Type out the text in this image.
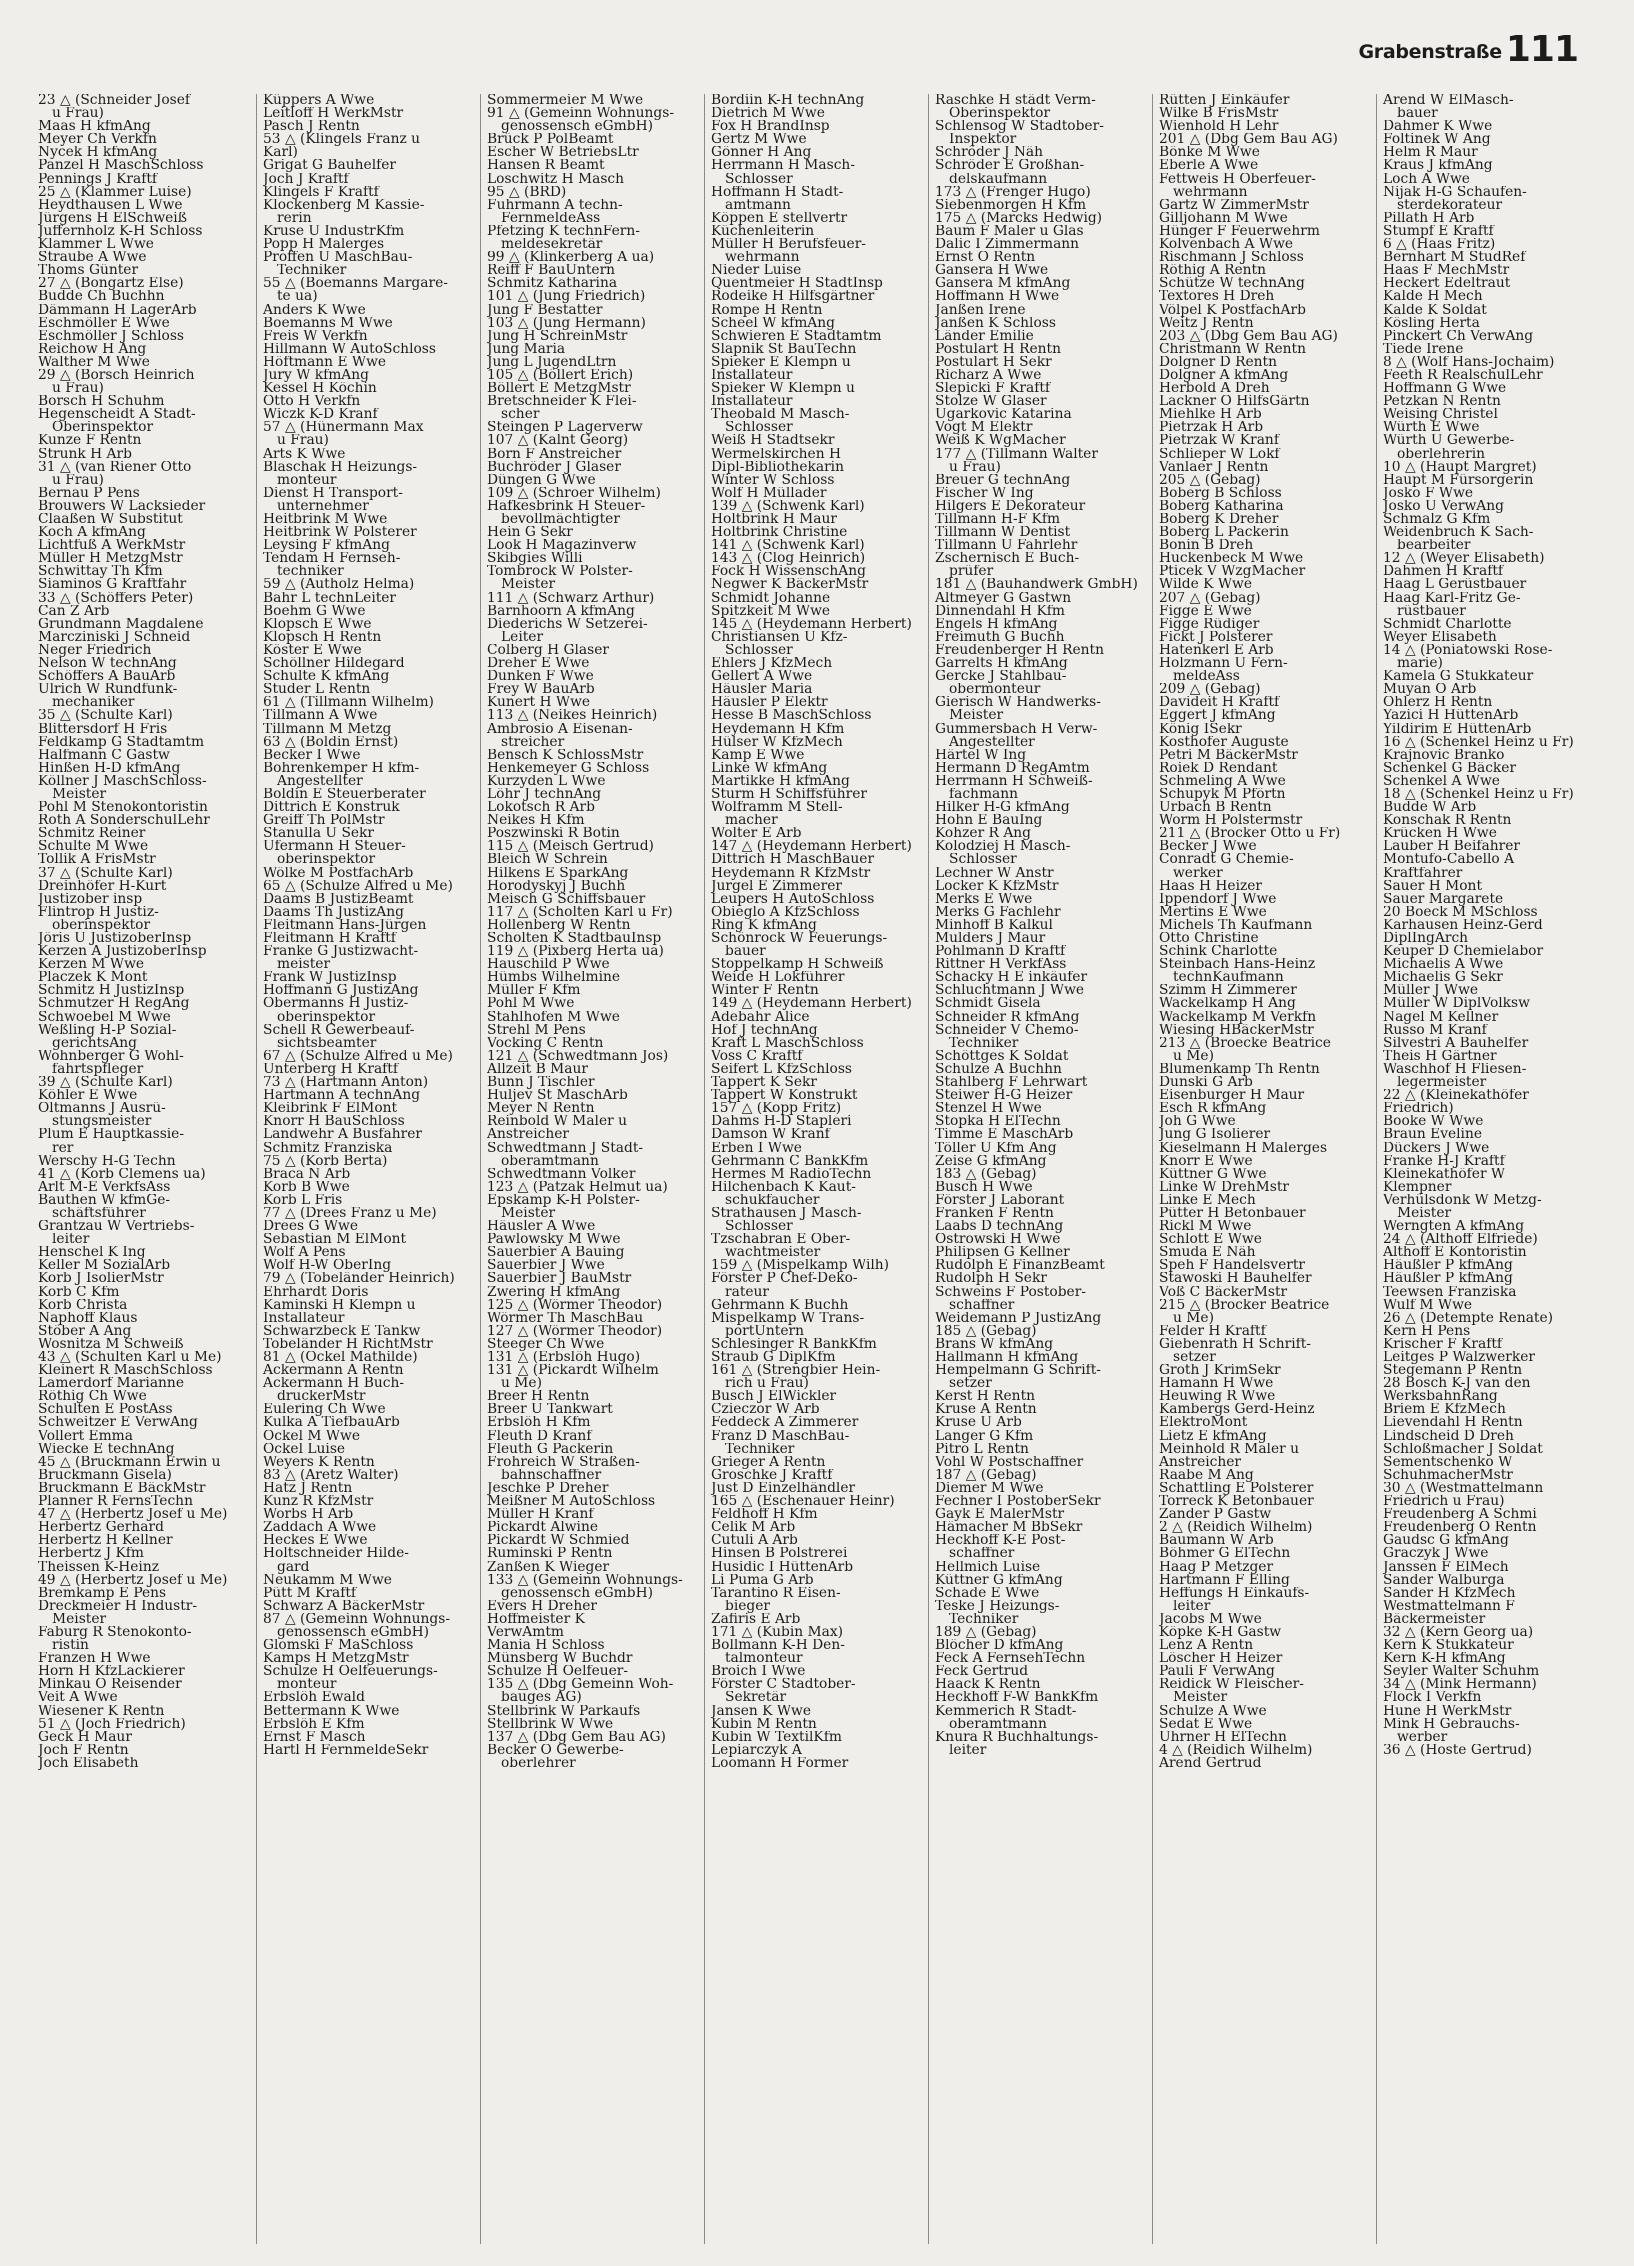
Grabenstraße 111
23 △ (Schneider Josef
u Frau)
Maas H kfmAng
Meyer Ch Verkfn
Nycek H kfmAng
Panzel H MaschSchloss
Pennings J Kraftf
25 △ (Klammer Luise)
Heydthausen L Wwe
Jürgens H ElSchweiß
Juffernholz K-H Schloss
Klammer L Wwe
Straube A Wwe
Thoms Günter
27 △ (Bongartz Else)
Budde Ch Buchhn
Dämmann H LagerArb
Eschmöller E Wwe
Eschmöller J Schloss
Reichow H Ang
Walther M Wwe
29 △ (Borsch Heinrich
u Frau)
Borsch H Schuhm
Hegenscheidt A Stadt-
Oberinspektor
Kunze F Rentn
Strunk H Arb
31 △ (van Riener Otto
u Frau)
Bernau P Pens
Brouwers W Lacksieder
Claaßen W Substitut
Koch A kfmAng
Lichtfuß A WerkMstr
Müller H MetzgMstr
Schwittay Th Kfm
Siaminos G Kraftfahr
33 △ (Schöffers Peter)
Can Z Arb
Grundmann Magdalene
Marcziniski J Schneid
Neger Friedrich
Nelson W technAng
Schöffers A BauArb
Ulrich W Rundfunk-
mechaniker
35 △ (Schulte Karl)
Blittersdorf H Fris
Feldkamp G Stadtamtm
Halfmann C Gastw
Hinßen H-D kfmAng
Köllner J MaschSchloss-
Meister
Pohl M Stenokontoristin
Roth A SonderschulLehr
Schmitz Reiner
Schulte M Wwe
Tollik A FrisMstr
37 △ (Schulte Karl)
Dreinhöfer H-Kurt
Justizober insp
Flintrop H Justiz-
oberinspektor
Jöris U JustizoberInsp
Kerzen A JustizoberInsp
Kerzen M Wwe
Placzek K Mont
Schmitz H JustizInsp
Schmutzer H RegAng
Schwoebel M Wwe
Weßling H-P Sozial-
gerichtsAng
Wohnberger G Wohl-
fahrtspfleger
39 △ (Schulte Karl)
Köhler E Wwe
Oltmanns J Ausrü-
stungsmeister
Plum E Hauptkassie-
rer
Werschy H-G Techn
41 △ (Korb Clemens ua)
Arlt M-E VerkfsAss
Bauthen W kfmGe-
schäftsführer
Grantzau W Vertriebs-
leiter
Henschel K Ing
Keller M SozialArb
Korb J IsolierMstr
Korb C Kfm
Korb Christa
Naphoff Klaus
Stöber A Ang
Wosnitza M Schweiß
43 △ (Schulten Karl u Me)
Kleinert R MaschSchloss
Lamerdorf Marianne
Röthig Ch Wwe
Schulten E PostAss
Schweitzer E VerwAng
Vollert Emma
Wiecke E technAng
45 △ (Bruckmann Erwin u
Bruckmann Gisela)
Bruckmann E BäckMstr
Planner R FernsTechn
47 △ (Herbertz Josef u Me)
Herbertz Gerhard
Herbertz H Kellner
Herbertz J Kfm
Theissen K-Heinz
49 △ (Herbertz Josef u Me)
Bremkamp E Pens
Dreckmeier H Industr-
Meister
Faburg R Stenokonto-
ristin
Franzen H Wwe
Horn H KfzLackierer
Minkau O Reisender
Veit A Wwe
Wiesener K Rentn
51 △ (Joch Friedrich)
Geck H Maur
Joch F Rentn
Joch Elisabeth
Küppers A Wwe
Leitloff H WerkMstr
Pasch J Rentn
53 △ (Klingels Franz u
Karl)
Grigat G Bauhelfer
Joch J Kraftf
Klingels F Kraftf
Klockenberg M Kassie-
rerin
Kruse U IndustrKfm
Popp H Malerges
Proffen U MaschBau-
Techniker
55 △ (Boemanns Margare-
te ua)
Anders K Wwe
Boemanns M Wwe
Freis W Verkfn
Hillmann W AutoSchloss
Höftmann E Wwe
Jury W kfmAng
Kessel H Köchin
Otto H Verkfn
Wiczk K-D Kranf
57 △ (Hünermann Max
u Frau)
Arts K Wwe
Blaschak H Heizungs-
monteur
Dienst H Transport-
unternehmer
Heitbrink M Wwe
Heitbrink W Polsterer
Leysing F kfmAng
Tendam H Fernseh-
techniker
59 △ (Autholz Helma)
Bahr L technLeiter
Boehm G Wwe
Klopsch E Wwe
Klopsch H Rentn
Köster E Wwe
Schöllner Hildegard
Schulte K kfmAng
Studer L Rentn
61 △ (Tillmann Wilhelm)
Tillmann A Wwe
Tillmann M Metzg
63 △ (Boldin Ernst)
Becker I Wwe
Bohrenkemper H kfm-
Angestellter
Boldin E Steuerberater
Dittrich E Konstruk
Greiff Th PolMstr
Stanulla U Sekr
Ufermann H Steuer-
oberinspektor
Wölke M PostfachArb
65 △ (Schulze Alfred u Me)
Daams B JustizBeamt
Daams Th JustizAng
Fleitmann Hans-Jürgen
Fleitmann H Kraftf
Franke G Justizwacht-
meister
Frank W JustizInsp
Hoffmann G JustizAng
Obermanns H Justiz-
oberinspektor
Schell R Gewerbeauf-
sichtsbeamter
67 △ (Schulze Alfred u Me)
Unterberg H Kraftf
73 △ (Hartmann Anton)
Hartmann A technAng
Kleibrink F ElMont
Knorr H BauSchloss
Landwehr A Busfahrer
Schmitz Franziska
75 △ (Korb Berta)
Braca N Arb
Korb B Wwe
Korb L Fris
77 △ (Drees Franz u Me)
Drees G Wwe
Sebastian M ElMont
Wolf A Pens
Wolf H-W OberIng
79 △ (Tobeländer Heinrich)
Ehrhardt Doris
Kaminski H Klempn u
Installateur
Schwarzbeck E Tankw
Tobeländer H RichtMstr
81 △ (Ockel Mathilde)
Ackermann A Rentn
Ackermann H Buch-
druckerMstr
Eulering Ch Wwe
Kulka A TiefbauArb
Ockel M Wwe
Ockel Luise
Weyers K Rentn
83 △ (Aretz Walter)
Hatz J Rentn
Kunz R KfzMstr
Worbs H Arb
Zaddach A Wwe
Heckes E Wwe
Holtschneider Hilde-
gard
Neukamm M Wwe
Pütt M Kraftf
Schwarz A BäckerMstr
87 △ (Gemeinn Wohnungs-
genossensch eGmbH)
Glomski F MaSchloss
Kamps H MetzgMstr
Schulze H Oelfeuerungs-
monteur
Erbslöh Ewald
Bettermann K Wwe
Erbslöh E Kfm
Ernst F Masch
Hartl H FernmeldeSekr
Sommermeier M Wwe
91 △ (Gemeinn Wohnungs-
genossensch eGmbH)
Brück P PolBeamt
Escher W BetriebsLtr
Hansen R Beamt
Loschwitz H Masch
95 △ (BRD)
Fuhrmann A techn-
FernmeldeAss
Pfetzing K technFern-
meldesekretär
99 △ (Klinkerberg A ua)
Reiff F BauUntern
Schmitz Katharina
101 △ (Jung Friedrich)
Jung F Bestatter
103 △ (Jung Hermann)
Jung H SchreinMstr
Jung Maria
Jung L JugendLtrn
105 △ (Böllert Erich)
Böllert E MetzgMstr
Bretschneider K Flei-
scher
Steingen P Lagerverw
107 △ (Kalnt Georg)
Born F Anstreicher
Buchröder J Glaser
Düngen G Wwe
109 △ (Schroer Wilhelm)
Hafkesbrink H Steuer-
bevollmächtigter
Hein G Sekr
Look H Magazinverw
Skibgies Willi
Tombrock W Polster-
Meister
111 △ (Schwarz Arthur)
Barnhoorn A kfmAng
Diederichs W Setzerei-
Leiter
Colberg H Glaser
Dreher E Wwe
Dunken F Wwe
Frey W BauArb
Kunert H Wwe
113 △ (Neikes Heinrich)
Ambrosio A Eisenan-
streicher
Bensch K SchlossMstr
Henkemeyer G Schloss
Kurzyden L Wwe
Löhr J technAng
Lokotsch R Arb
Neikes H Kfm
Poszwinski R Botin
115 △ (Meisch Gertrud)
Bleich W Schrein
Hilkens E SparkAng
Horodyskyj J Buchh
Meisch G Schiffsbauer
117 △ (Scholten Karl u Fr)
Hollenberg W Rentn
Scholten K StadtbauInsp
119 △ (Pixberg Herta ua)
Hauschild P Wwe
Hümbs Wilhelmine
Müller F Kfm
Pohl M Wwe
Stahlhofen M Wwe
Strehl M Pens
Vocking C Rentn
121 △ (Schwedtmann Jos)
Allzeit B Maur
Bunn J Tischler
Huljev St MaschArb
Meyer N Rentn
Reinbold W Maler u
Anstreicher
Schwedtmann J Stadt-
oberamtmann
Schwedtmann Volker
123 △ (Patzak Helmut ua)
Epskamp K-H Polster-
Meister
Häusler A Wwe
Pawlowsky M Wwe
Sauerbier A Bauing
Sauerbier J Wwe
Sauerbier J BauMstr
Zwering H kfmAng
125 △ (Wörmer Theodor)
Wörmer Th MaschBau
127 △ (Wörmer Theodor)
Steeger Ch Wwe
131 △ (Erbslöh Hugo)
131 △ (Pickardt Wilhelm
u Me)
Breer H Rentn
Breer U Tankwart
Erbslöh H Kfm
Fleuth D Kranf
Fleuth G Packerin
Frohreich W Straßen-
bahnschaffner
Jeschke P Dreher
Meißner M AutoSchloss
Müller H Kranf
Pickardt Alwine
Pickardt W Schmied
Ruminski P Rentn
Zanßen K Wieger
133 △ (Gemeinn Wohnungs-
genossensch eGmbH)
Evers H Dreher
Hoffmeister K
VerwAmtm
Mania H Schloss
Münsberg W Buchdr
Schulze H Oelfeuer-
135 △ (Dbg Gemeinn Woh-
bauges AG)
Stellbrink W Parkaufs
Stellbrink W Wwe
137 △ (Dbg Gem Bau AG)
Becker O Gewerbe-
oberlehrer
Bordiin K-H technAng
Dietrich M Wwe
Fox H BrandInsp
Gertz M Wwe
Gönner H Ang
Herrmann H Masch-
Schlosser
Hoffmann H Stadt-
amtmann
Köppen E stellvertr
Küchenleiterin
Müller H Berufsfeuer-
wehrmann
Nieder Luise
Quentmeier H StadtInsp
Rodeike H Hilfsgärtner
Rompe H Rentn
Scheel W kfmAng
Schwieren E Stadtamtm
Slapnik St BauTechn
Spieker E Klempn u
Installateur
Spieker W Klempn u
Installateur
Theobald M Masch-
Schlosser
Weiß H Stadtsekr
Wermelskirchen H
Dipl-Bibliothekarin
Winter W Schloss
Wolf H Müllader
139 △ (Schwenk Karl)
Holtbrink H Maur
Holtbrink Christine
141 △ (Schwenk Karl)
143 △ (Clog Heinrich)
Fock H WissenschAng
Negwer K BäckerMstr
Schmidt Johanne
Spitzkeit M Wwe
145 △ (Heydemann Herbert)
Christiansen U Kfz-
Schlosser
Ehlers J KfzMech
Gellert A Wwe
Häusler Maria
Häusler P Elektr
Hesse B MaschSchloss
Heydemann H Kfm
Hülser W KfzMech
Kamp E Wwe
Linke W kfmAng
Martikke H kfmAng
Sturm H Schiffsführer
Wolframm M Stell-
macher
Wolter E Arb
147 △ (Heydemann Herbert)
Dittrich H MaschBauer
Heydemann R KfzMstr
Jurgel E Zimmerer
Leupers H AutoSchloss
Obieglo A KfzSchloss
Ring K kfmAng
Schönrock W Feuerungs-
bauer
Stoppelkamp H Schweiß
Weide H Lokführer
Winter F Rentn
149 △ (Heydemann Herbert)
Adebahr Alice
Hof J technAng
Kraft L MaschSchloss
Voss C Kraftf
Seifert L KfzSchloss
Tappert K Sekr
Tappert W Konstrukt
157 △ (Kopp Fritz)
Dahms H-D Stapleri
Damson W Kranf
Erben I Wwe
Gehrmann C BankKfm
Hermes M RadioTechn
Hilchenbach K Kaut-
schukfaucher
Strathausen J Masch-
Schlosser
Tzschabran E Ober-
wachtmeister
159 △ (Mispelkamp Wilh)
Förster P Chef-Deko-
rateur
Gehrmann K Buchh
Mispelkamp W Trans-
portUntern
Schlesinger R BankKfm
Straub G DiplKfm
161 △ (Strengbier Hein-
rich u Frau)
Busch J ElWickler
Czieczor W Arb
Feddeck A Zimmerer
Franz D MaschBau-
Techniker
Grieger A Rentn
Groschke J Kraftf
Just D Einzelhändler
165 △ (Eschenauer Heinr)
Feldhoff H Kfm
Celik M Arb
Cutuli A Arb
Hinsen B Polstrerei
Husidic I HüttenArb
Li Puma G Arb
Tarantino R Eisen-
bieger
Zafiris E Arb
171 △ (Kubin Max)
Bollmann K-H Den-
talmonteur
Broich I Wwe
Förster C Stadtober-
Sekretär
Jansen K Wwe
Kubin M Rentn
Kubin W TextilKfm
Lepiarczyk A
Loomann H Former
Raschke H städt Verm-
Oberinspektor
Schlensog W Stadtober-
Inspektor
Schröder J Näh
Schröder E Großhan-
delskaufmann
173 △ (Frenger Hugo)
Siebenmorgen H Kfm
175 △ (Marcks Hedwig)
Baum F Maler u Glas
Dalic I Zimmermann
Ernst O Rentn
Gansera H Wwe
Gansera M kfmAng
Hoffmann H Wwe
Janßen Irene
Janßen K Schloss
Länder Emilie
Postulart H Rentn
Postulart H Sekr
Richarz A Wwe
Slepicki F Kraftf
Stolze W Glaser
Ugarkovic Katarina
Vogt M Elektr
Weiß K WgMacher
177 △ (Tillmann Walter
u Frau)
Breuer G technAng
Fischer W Ing
Hilgers E Dekorateur
Tillmann H-F Kfm
Tillmann W Dentist
Tillmann U Fahrlehr
Zschernisch E Buch-
prüfer
181 △ (Bauhandwerk GmbH)
Altmeyer G Gastwn
Dinnendahl H Kfm
Engels H kfmAng
Freimuth G Buchh
Freudenberger H Rentn
Garrelts H kfmAng
Gercke J Stahlbau-
obermonteur
Gierisch W Handwerks-
Meister
Gummersbach H Verw-
Angestellter
Härtel W Ing
Hermann D RegAmtm
Herrmann H Schweiß-
fachmann
Hilker H-G kfmAng
Hohn E BauIng
Kohzer R Ang
Kolodziej H Masch-
Schlosser
Lechner W Anstr
Locker K KfzMstr
Merks E Wwe
Merks G Fachlehr
Minhoff B Kalkul
Mulders J Maur
Pohlmann D Kraftf
Rittner H VerkfAss
Schacky H E inkäufer
Schluchtmann J Wwe
Schmidt Gisela
Schneider R kfmAng
Schneider V Chemo-
Techniker
Schöttges K Soldat
Schulze A Buchhn
Stahlberg F Lehrwart
Steiwer H-G Heizer
Stenzel H Wwe
Stopka H ElTechn
Timme E MaschArb
Töller U Kfm Ang
Zeise G kfmAng
183 △ (Gebag)
Busch H Wwe
Förster J Laborant
Franken F Rentn
Laabs D technAng
Ostrowski H Wwe
Philipsen G Kellner
Rudolph E FinanzBeamt
Rudolph H Sekr
Schweins F Postober-
schaffner
Weidemann P JustizAng
185 △ (Gebag)
Brans W kfmAng
Hallmann H kfmAng
Hempelmann G Schrift-
setzer
Kerst H Rentn
Kruse A Rentn
Kruse U Arb
Langer G Kfm
Pitro L Rentn
Vohl W Postschaffner
187 △ (Gebag)
Diemer M Wwe
Fechner I PostoberSekr
Gayk E MalerMstr
Hämacher M BbSekr
Heckhoff K-E Post-
schaffner
Hellmich Luise
Küttner G kfmAng
Schade E Wwe
Teske J Heizungs-
Techniker
189 △ (Gebag)
Blöcher D kfmAng
Feck A FernsehTechn
Feck Gertrud
Haack K Rentn
Heckhoff F-W BankKfm
Kemmerich R Stadt-
oberamtmann
Knura R Buchhaltungs-
leiter
Rütten J Einkäufer
Wilke B FrisMstr
Wienhold H Lehr
201 △ (Dbg Gem Bau AG)
Bönke M Wwe
Eberle A Wwe
Fettweis H Oberfeuer-
wehrmann
Gartz W ZimmerMstr
Gilljohann M Wwe
Hünger F Feuerwehrm
Kolvenbach A Wwe
Rischmann J Schloss
Röthig A Rentn
Schütze W technAng
Textores H Dreh
Völpel K PostfachArb
Weitz J Rentn
203 △ (Dbg Gem Bau AG)
Christmann W Rentn
Dolgner D Rentn
Dolgner A kfmAng
Herbold A Dreh
Lackner O HilfsGärtn
Miehlke H Arb
Pietrzak H Arb
Pietrzak W Kranf
Schlieper W Lokf
Vanlaer J Rentn
205 △ (Gebag)
Boberg B Schloss
Boberg Katharina
Boberg K Dreher
Boberg L Packerin
Bonin B Dreh
Huckenbeck M Wwe
Pticek V WzgMacher
Wilde K Wwe
207 △ (Gebag)
Figge E Wwe
Figge Rüdiger
Fickt J Polsterer
Hatenkerl E Arb
Holzmann U Fern-
meldeAss
209 △ (Gebag)
Davideit H Kraftf
Eggert J kfmAng
König ISekr
Kosthofer Auguste
Petri M BäckerMstr
Roiek D Rendant
Schmeling A Wwe
Schupyk M Pförtn
Urbach B Rentn
Worm H Polstermstr
211 △ (Brocker Otto u Fr)
Becker J Wwe
Conradt G Chemie-
werker
Haas H Heizer
Ippendorf J Wwe
Mertins E Wwe
Michels Th Kaufmann
Otto Christine
Schink Charlotte
Steinbach Hans-Heinz
technKaufmann
Szimm H Zimmerer
Wackelkamp H Ang
Wackelkamp M Verkfn
Wiesing HBäckerMstr
213 △ (Broecke Beatrice
u Me)
Blumenkamp Th Rentn
Dunski G Arb
Eisenburger H Maur
Esch R kfmAng
Joh G Wwe
Jung G Isolierer
Kieselmann H Malerges
Knorr E Wwe
Küttner G Wwe
Linke W DrehMstr
Linke E Mech
Pütter H Betonbauer
Rickl M Wwe
Schlott E Wwe
Smuda E Näh
Speh F Handelsvertr
Stawoski H Bauhelfer
Voß C BäckerMstr
215 △ (Brocker Beatrice
u Me)
Felder H Kraftf
Giebenrath H Schrift-
setzer
Groth J KrimSekr
Hamann H Wwe
Heuwing R Wwe
Kambergs Gerd-Heinz
ElektroMont
Lietz E kfmAng
Meinhold R Maler u
Anstreicher
Raabe M Ang
Schattling E Polsterer
Torreck K Betonbauer
Zander P Gastw
2 △ (Reidich Wilhelm)
Baumann W Arb
Böhmer G ElTechn
Haag P Metzger
Hartmann F Elling
Heffungs H Einkaufs-
leiter
Jacobs M Wwe
Köpke K-H Gastw
Lenz A Rentn
Löscher H Heizer
Pauli F VerwAng
Reidick W Fleischer-
Meister
Schulze A Wwe
Sedat E Wwe
Uhrner H ElTechn
4 △ (Reidich Wilhelm)
Arend Gertrud
Arend W ElMasch-
bauer
Dahmer K Wwe
Foltinek W Ang
Helm R Maur
Kraus J kfmAng
Loch A Wwe
Nijak H-G Schaufen-
sterdekorateur
Pillath H Arb
Stumpf E Kraftf
6 △ (Haas Fritz)
Bernhart M StudRef
Haas F MechMstr
Heckert Edeltraut
Kalde H Mech
Kalde K Soldat
Kösling Herta
Pinckert Ch VerwAng
Tiede Irene
8 △ (Wolf Hans-Jochaim)
Feeth R RealschulLehr
Hoffmann G Wwe
Petzkan N Rentn
Weising Christel
Würth E Wwe
Würth U Gewerbe-
oberlehrerin
10 △ (Haupt Margret)
Haupt M Fürsorgerin
Josko F Wwe
Josko U VerwAng
Schmalz G Kfm
Weidenbruch K Sach-
bearbeiter
12 △ (Weyer Elisabeth)
Dahmen H Kraftf
Haag L Gerüstbauer
Haag Karl-Fritz Ge-
rüstbauer
Schmidt Charlotte
Weyer Elisabeth
14 △ (Poniatowski Rose-
marie)
Kamela G Stukkateur
Muyan O Arb
Ohlerz H Rentn
Yazici H HüttenArb
Yildirim E HüttenArb
16 △ (Schenkel Heinz u Fr)
Krajnovic Branko
Schenkel G Bäcker
Schenkel A Wwe
18 △ (Schenkel Heinz u Fr)
Budde W Arb
Konschak R Rentn
Krücken H Wwe
Lauber H Beifahrer
Montufo-Cabello A
Kraftfahrer
Sauer H Mont
Sauer Margarete
20 Boeck M MSchloss
Karhausen Heinz-Gerd
DiplIngArch
Keuper D Chemielabor
Michaelis A Wwe
Michaelis G Sekr
Müller J Wwe
Müller W DiplVolksw
Nagel M Kellner
Russo M Kranf
Silvestri A Bauhelfer
Theis H Gärtner
Waschhof H Fliesen-
legermeister
22 △ (Kleinekathöfer
Friedrich)
Booke W Wwe
Braun Eveline
Dückers J Wwe
Franke H-J Kraftf
Kleinekathöfer W
Klempner
Verhülsdonk W Metzg-
Meister
Werngten A kfmAng
24 △ (Althoff Elfriede)
Althoff E Kontoristin
Häußler P kfmAng
Häußler P kfmAng
Teewsen Franziska
Wulf M Wwe
26 △ (Detempte Renate)
Kern H Pens
Krischer F Kraftf
Leitges P Walzwerker
Stegemann P Rentn
28 Bosch K-J van den
WerksbahnRang
Briem E KfzMech
Lievendahl H Rentn
Lindscheid D Dreh
Schloßmacher J Soldat
Sementschenko W
SchuhmacherMstr
30 △ (Westmattelmann
Friedrich u Frau)
Freudenberg A Schmi
Freudenberg O Rentn
Gaudsc G kfmAng
Graczyk J Wwe
Janssen F ElMech
Sander Walburga
Sander H KfzMech
Westmattelmann F
Bäckermeister
32 △ (Kern Georg ua)
Kern K Stukkateur
Kern K-H kfmAng
Seyler Walter Schuhm
34 △ (Mink Hermann)
Flock I Verkfn
Hune H WerkMstr
Mink H Gebrauchs-
werber
36 △ (Hoste Gertrud)
